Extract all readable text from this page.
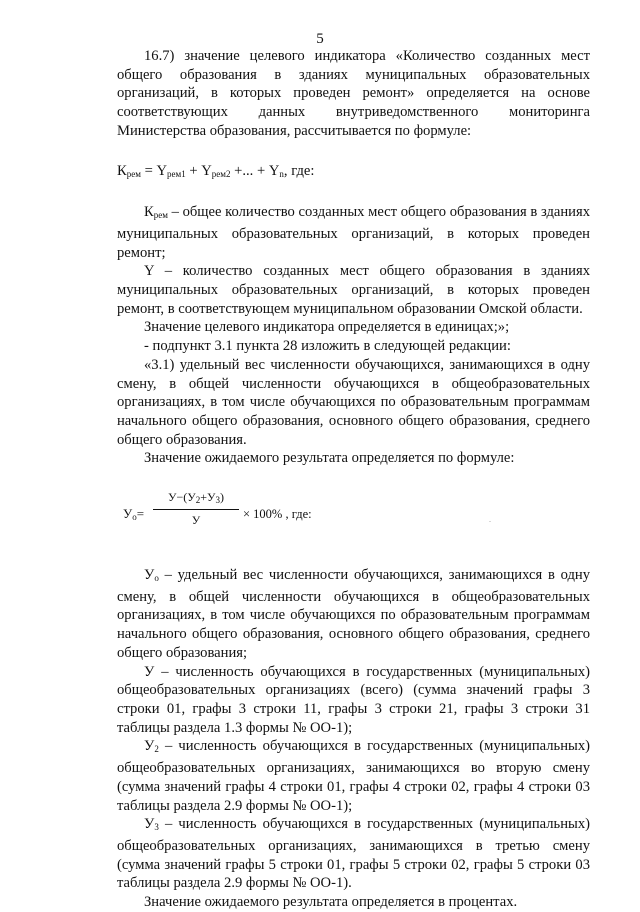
5

16.7) значение целевого индикатора «Количество созданных мест общего образования в зданиях муниципальных образовательных организаций, в которых проведен ремонт» определяется на основе соответствующих данных внутриведомственного мониторинга Министерства образования, рассчитывается по формуле:

$К_{рем} = Y_{рем1} + Y_{рем2}$ +... + $Y_n$, где:

$К_{рем}$ – общее количество созданных мест общего образования в зданиях муниципальных образовательных организаций, в которых проведен ремонт;

Y – количество созданных мест общего образования в зданиях муниципальных образовательных организаций, в которых проведен ремонт, в соответствующем муниципальном образовании Омской области.

Значение целевого индикатора определяется в единицах;»;

- подпункт 3.1 пункта 28 изложить в следующей редакции:

«3.1) удельный вес численности обучающихся, занимающихся в одну смену, в общей численности обучающихся в общеобразовательных организациях, в том числе обучающихся по образовательным программам начального общего образования, основного общего образования, среднего общего образования.

Значение ожидаемого результата определяется по формуле:

$У_о=$
$У-(У_2+У_3)$
У	× 100% , где:	.

$У_о$ – удельный вес численности обучающихся, занимающихся в одну смену, в общей численности обучающихся в общеобразовательных организациях, в том числе обучающихся по образовательным программам начального общего образования, основного общего образования, среднего общего образования;

У – численность обучающихся в государственных (муниципальных) общеобразовательных организациях (всего) (сумма значений графы 3 строки 01, графы 3 строки 11, графы 3 строки 21, графы 3 строки 31 таблицы раздела 1.3 формы № ОО-1);

$У_2$ – численность обучающихся в государственных (муниципальных) общеобразовательных организациях, занимающихся во вторую смену (сумма значений графы 4 строки 01, графы 4 строки 02, графы 4 строки 03 таблицы раздела 2.9 формы № ОО-1);

$У_3$ – численность обучающихся в государственных (муниципальных) общеобразовательных организациях, занимающихся в третью смену (сумма значений графы 5 строки 01, графы 5 строки 02, графы 5 строки 03 таблицы раздела 2.9 формы № ОО-1).

Значение ожидаемого результата определяется в процентах.
